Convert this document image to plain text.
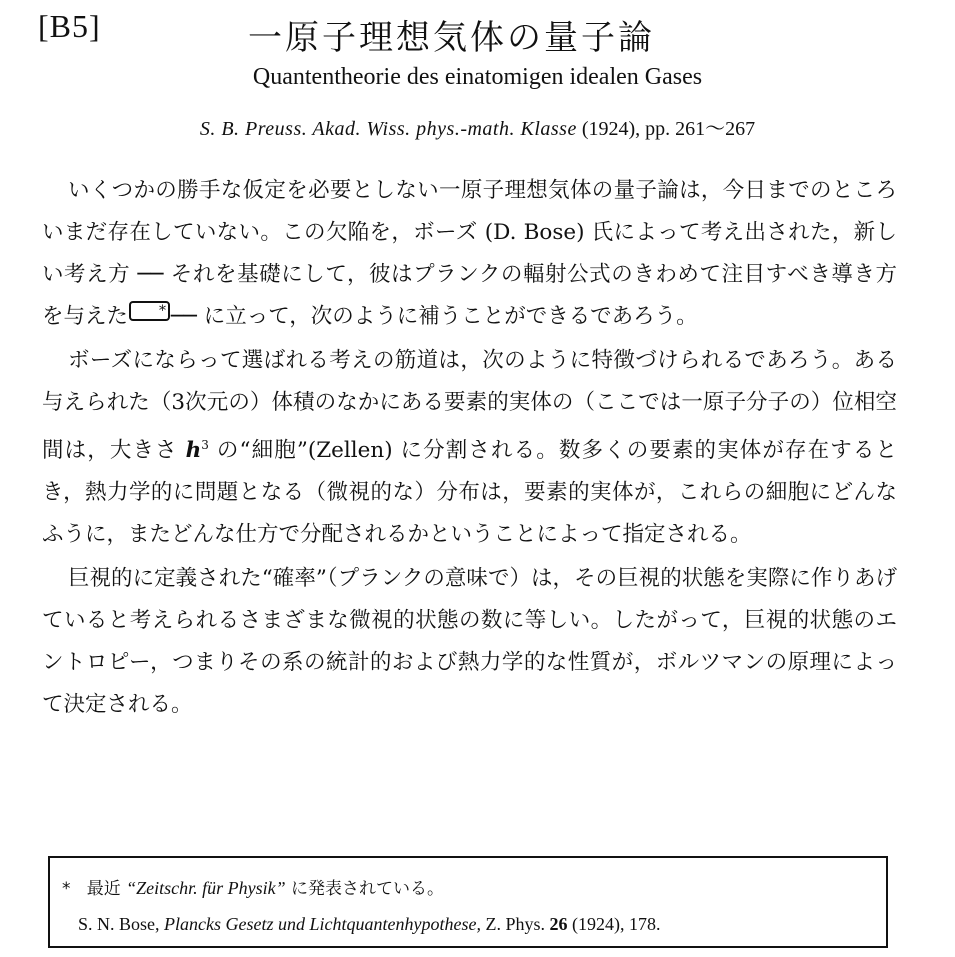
[B5]	一原子理想気体の量子論
Quantentheorie des einatomigen idealen Gases
S. B. Preuss. Akad. Wiss. phys.-math. Klasse (1924), pp. 261～267

いくつかの勝手な仮定を必要としない一原子理想気体の量子論は，今日までのところいまだ存在していない。この欠陥を，ボーズ (D. Bose) 氏によって考え出された，新しい考え方 ── それを基礎にして，彼はプランクの輻射公式のきわめて注目すべき導き方を与えた * ── に立って，次のように補うことができるであろう。

ボーズにならって選ばれる考えの筋道は，次のように特徴づけられるであろう。ある与えられた（3次元の）体積のなかにある要素的実体の（ここでは一原子分子の）位相空間は，大きさ $h^3$ の“細胞”(Zellen) に分割される。数多くの要素的実体が存在するとき，熱力学的に問題となる（微視的な）分布は，要素的実体が，これらの細胞にどんなふうに，またどんな仕方で分配されるかということによって指定される。

巨視的に定義された“確率”（プランクの意味で）は，その巨視的状態を実際に作りあげていると考えられるさまざまな微視的状態の数に等しい。したがって，巨視的状態のエントロピー，つまりその系の統計的および熱力学的な性質が，ボルツマンの原理によって決定される。

* 最近 “Zeitschr. für Physik” に発表されている。
S. N. Bose, Plancks Gesetz und Lichtquantenhypothese, Z. Phys. 26 (1924), 178.
